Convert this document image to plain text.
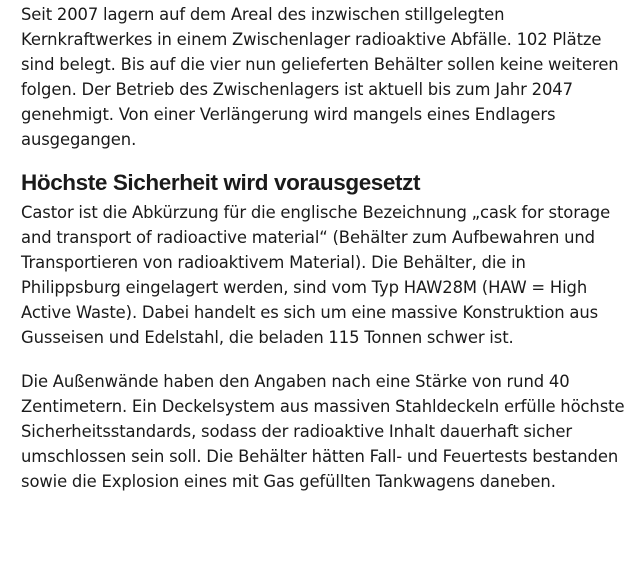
Seit 2007 lagern auf dem Areal des inzwischen stillgelegten Kernkraftwerkes in einem Zwischenlager radioaktive Abfälle. 102 Plätze sind belegt. Bis auf die vier nun gelieferten Behälter sollen keine weiteren folgen. Der Betrieb des Zwischenlagers ist aktuell bis zum Jahr 2047 genehmigt. Von einer Verlängerung wird mangels eines Endlagers ausgegangen.

Höchste Sicherheit wird vorausgesetzt

Castor ist die Abkürzung für die englische Bezeichnung „cask for storage and transport of radioactive material“ (Behälter zum Aufbewahren und Transportieren von radioaktivem Material). Die Behälter, die in Philippsburg eingelagert werden, sind vom Typ HAW28M (HAW = High Active Waste). Dabei handelt es sich um eine massive Konstruktion aus Gusseisen und Edelstahl, die beladen 115 Tonnen schwer ist.

Die Außenwände haben den Angaben nach eine Stärke von rund 40 Zentimetern. Ein Deckelsystem aus massiven Stahldeckeln erfülle höchste Sicherheitsstandards, sodass der radioaktive Inhalt dauerhaft sicher umschlossen sein soll. Die Behälter hätten Fall- und Feuertests bestanden sowie die Explosion eines mit Gas gefüllten Tankwagens daneben.
